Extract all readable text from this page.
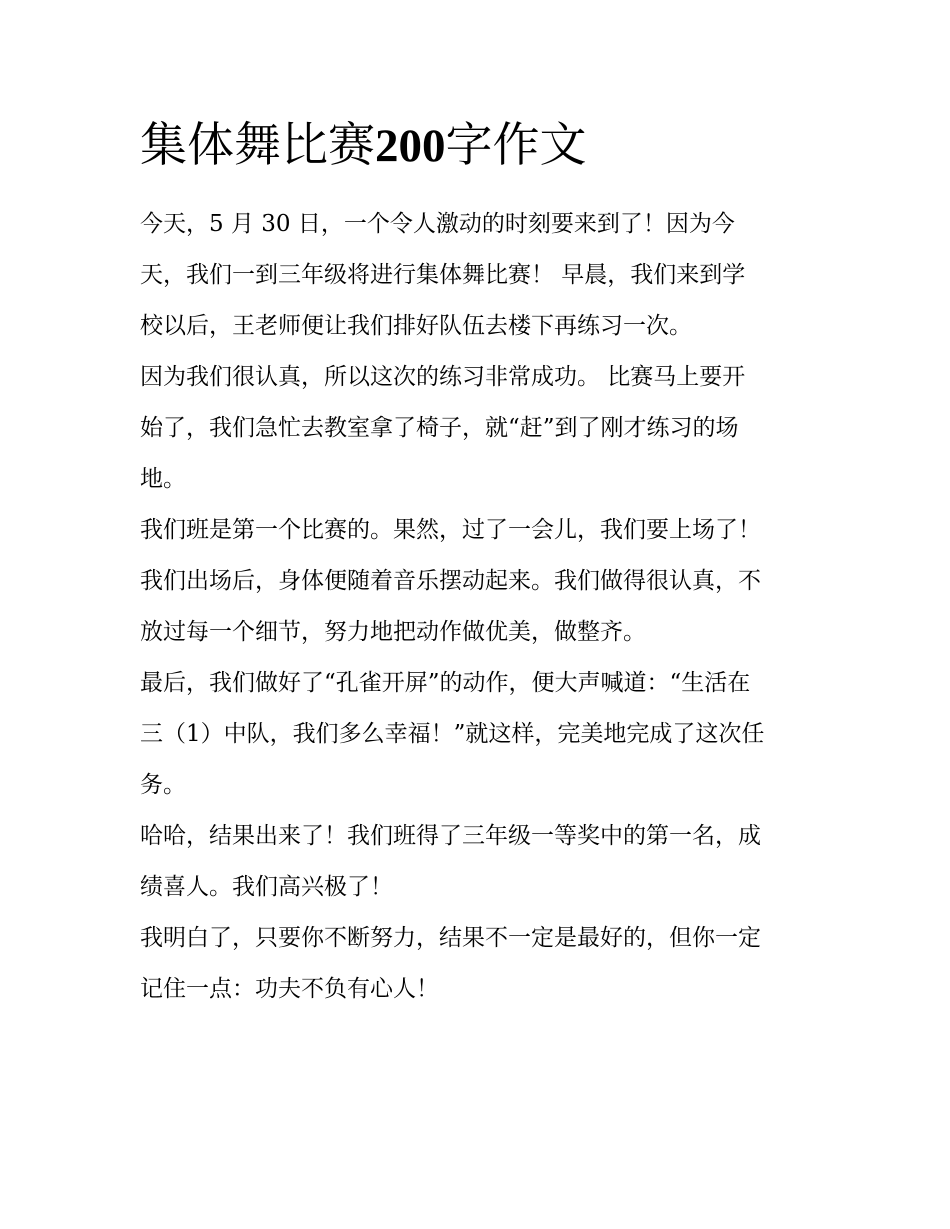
集体舞比赛200字作文
今天，5 月 30 日，一个令人激动的时刻要来到了！因为今
天，我们一到三年级将进行集体舞比赛！ 早晨，我们来到学
校以后，王老师便让我们排好队伍去楼下再练习一次。
因为我们很认真，所以这次的练习非常成功。 比赛马上要开
始了，我们急忙去教室拿了椅子，就“赶”到了刚才练习的场
地。
我们班是第一个比赛的。果然，过了一会儿，我们要上场了！
我们出场后，身体便随着音乐摆动起来。我们做得很认真，不
放过每一个细节，努力地把动作做优美，做整齐。
最后，我们做好了“孔雀开屏”的动作，便大声喊道：“生活在
三（1）中队，我们多么幸福！”就这样，完美地完成了这次任
务。
哈哈，结果出来了！我们班得了三年级一等奖中的第一名，成
绩喜人。我们高兴极了！
我明白了，只要你不断努力，结果不一定是最好的，但你一定
记住一点：功夫不负有心人！
